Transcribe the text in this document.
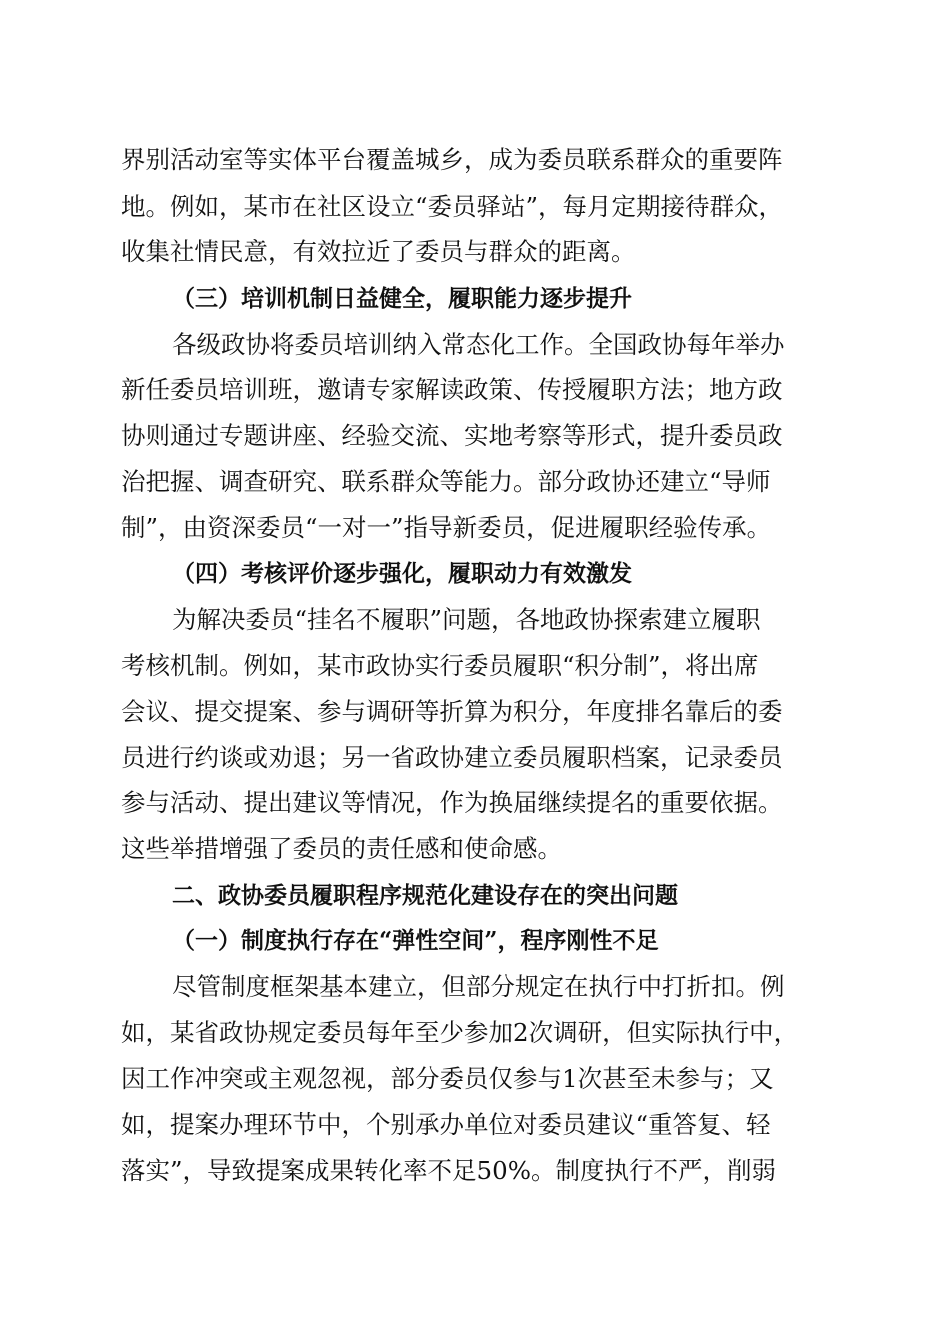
界别活动室等实体平台覆盖城乡，成为委员联系群众的重要阵
地。例如，某市在社区设立“委员驿站”，每月定期接待群众，
收集社情民意，有效拉近了委员与群众的距离。
（三）培训机制日益健全，履职能力逐步提升
各级政协将委员培训纳入常态化工作。全国政协每年举办
新任委员培训班，邀请专家解读政策、传授履职方法；地方政
协则通过专题讲座、经验交流、实地考察等形式，提升委员政
治把握、调查研究、联系群众等能力。部分政协还建立“导师
制”，由资深委员“一对一”指导新委员，促进履职经验传承。
（四）考核评价逐步强化，履职动力有效激发
为解决委员“挂名不履职”问题，各地政协探索建立履职
考核机制。例如，某市政协实行委员履职“积分制”，将出席
会议、提交提案、参与调研等折算为积分，年度排名靠后的委
员进行约谈或劝退；另一省政协建立委员履职档案，记录委员
参与活动、提出建议等情况，作为换届继续提名的重要依据。
这些举措增强了委员的责任感和使命感。
二、政协委员履职程序规范化建设存在的突出问题
（一）制度执行存在“弹性空间”，程序刚性不足
尽管制度框架基本建立，但部分规定在执行中打折扣。例
如，某省政协规定委员每年至少参加2次调研，但实际执行中，
因工作冲突或主观忽视，部分委员仅参与1次甚至未参与；又
如，提案办理环节中，个别承办单位对委员建议“重答复、轻
落实”，导致提案成果转化率不足50%。制度执行不严，削弱
